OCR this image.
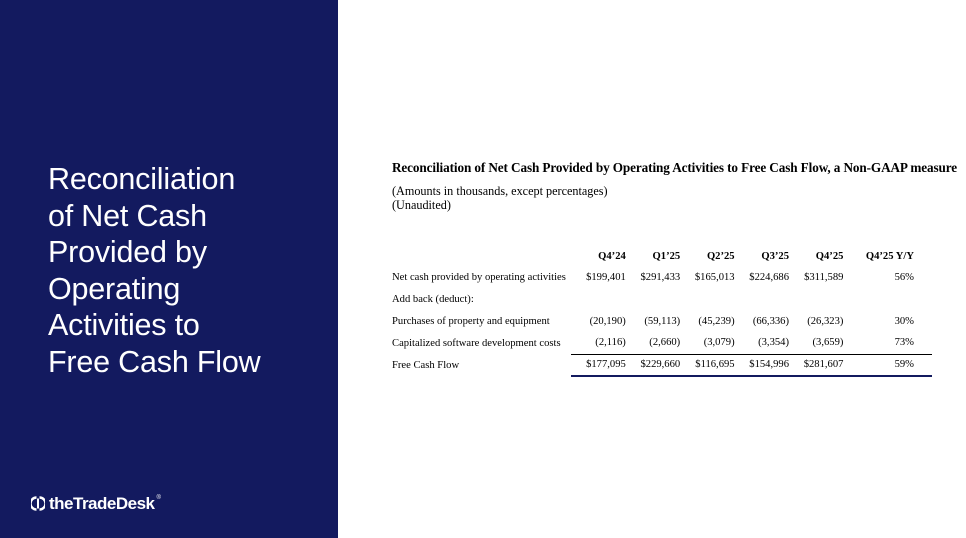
Reconciliation
of Net Cash
Provided by
Operating
Activities to
Free Cash Flow
theTradeDesk ®
Reconciliation of Net Cash Provided by Operating Activities to Free Cash Flow, a Non-GAAP measure
(Amounts in thousands, except percentages)
(Unaudited)
	Q4’24	Q1’25	Q2’25	Q3’25	Q4’25	Q4’25 Y/Y
Net cash provided by operating activities	$199,401	$291,433	$165,013	$224,686	$311,589	56%
Add back (deduct):						
Purchases of property and equipment	(20,190)	(59,113)	(45,239)	(66,336)	(26,323)	30%
Capitalized software development costs	(2,116)	(2,660)	(3,079)	(3,354)	(3,659)	73%
Free Cash Flow	$177,095	$229,660	$116,695	$154,996	$281,607	59%
